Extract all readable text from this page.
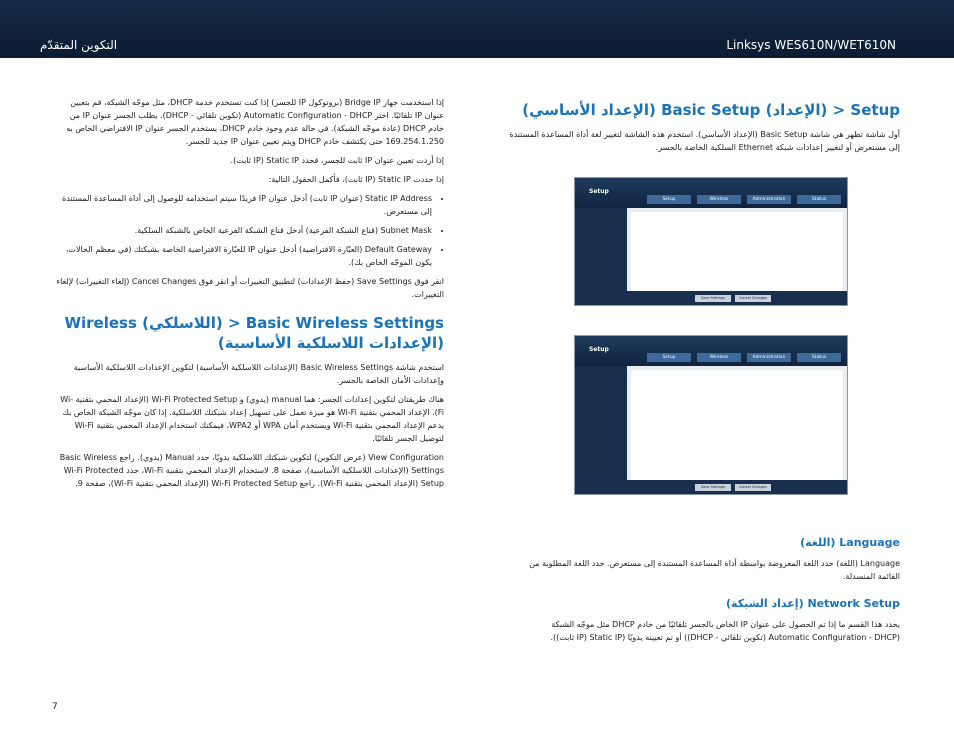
التكوين المتقدّم	Linksys WES610N/WET610N

إذا استخدمت جهاز Bridge IP (بروتوكول IP للجسر) إذا كنت تستخدم خدمة DHCP، مثل موجّه الشبكة، قم بتعيين عنوان IP تلقائيًا. اختر Automatic Configuration - DHCP (تكوين تلقائي - DHCP). يطلب الجسر عنوان IP من خادم DHCP (عادة موجّه الشبكة). في حالة عدم وجود خادم DHCP، يستخدم الجسر عنوان IP الافتراضي الخاص به 169.254.1.250 حتى يكتشف خادم DHCP ويتم تعيين عنوان IP جديد للجسر.

إذا أردت تعيين عنوان IP ثابت للجسر، فحدد Static IP (IP ثابت).

إذا حددت Static IP (IP ثابت)، فأكمل الحقول التالية:

• Static IP Address (عنوان IP ثابت) أدخل عنوان IP فريدًا سيتم استخدامه للوصول إلى أداة المساعدة المستندة إلى مستعرض.
• Subnet Mask (قناع الشبكة الفرعية) أدخل قناع الشبكة الفرعية الخاص بالشبكة السلكية.
• Default Gateway (العبّارة الافتراضية) أدخل عنوان IP للعبّارة الافتراضية الخاصة بشبكتك (في معظم الحالات، يكون الموجّه الخاص بك).

انقر فوق Save Settings (حفظ الإعدادات) لتطبيق التغييرات أو انقر فوق Cancel Changes (إلغاء التغييرات) لإلغاء التغييرات.

Basic Wireless Settings < (اللاسلكي) Wireless
(الإعدادات اللاسلكية الأساسية)

استخدم شاشة Basic Wireless Settings (الإعدادات اللاسلكية الأساسية) لتكوين الإعدادات اللاسلكية الأساسية وإعدادات الأمان الخاصة بالجسر.

هناك طريقتان لتكوين إعدادات الجسر: هما manual (يدوي) و Wi-Fi Protected Setup (الإعداد المحمي بتقنية Wi-Fi). الإعداد المحمي بتقنية Wi-Fi هو ميزة تعمل على تسهيل إعداد شبكتك اللاسلكية. إذا كان موجّه الشبكة الخاص بك يدعم الإعداد المحمي بتقنية Wi-Fi ويستخدم أمان WPA أو WPA2، فيمكنك استخدام الإعداد المحمي بتقنية Wi-Fi لتوصيل الجسر تلقائيًا.

View Configuration (عرض التكوين) لتكوين شبكتك اللاسلكية يدويًا، حدد Manual (يدوي). راجع Basic Wireless Settings (الإعدادات اللاسلكية الأساسية)، صفحة 8. لاستخدام الإعداد المحمي بتقنية Wi-Fi، حدد Wi-Fi Protected Setup (الإعداد المحمي بتقنية Wi-Fi). راجع Wi-Fi Protected Setup (الإعداد المحمي بتقنية Wi-Fi)، صفحة 9.

Setup < (الإعداد) Basic Setup (الإعداد الأساسي)

أول شاشة تظهر هي شاشة Basic Setup (الإعداد الأساسي). استخدم هذه الشاشة لتغيير لغة أداة المساعدة المستندة إلى مستعرض أو لتغيير إعدادات شبكة Ethernet السلكية الخاصة بالجسر.

Setup
Setup	Wireless	Administration	Status
Save Settings	Cancel Changes
Setup
Setup	Wireless	Administration	Status
Save Settings	Cancel Changes
Language (اللغة)

Language (اللغة) حدد اللغة المعروضة بواسطة أداة المساعدة المستندة إلى مستعرض. حدد اللغة المطلوبة من القائمة المنسدلة.

Network Setup (إعداد الشبكة)

يحدد هذا القسم ما إذا تم الحصول على عنوان IP الخاص بالجسر تلقائيًا من خادم DHCP مثل موجّه الشبكة (Automatic Configuration - DHCP (تكوين تلقائي - DHCP)) أو تم تعيينه يدويًا (Static IP (IP ثابت)).

7
